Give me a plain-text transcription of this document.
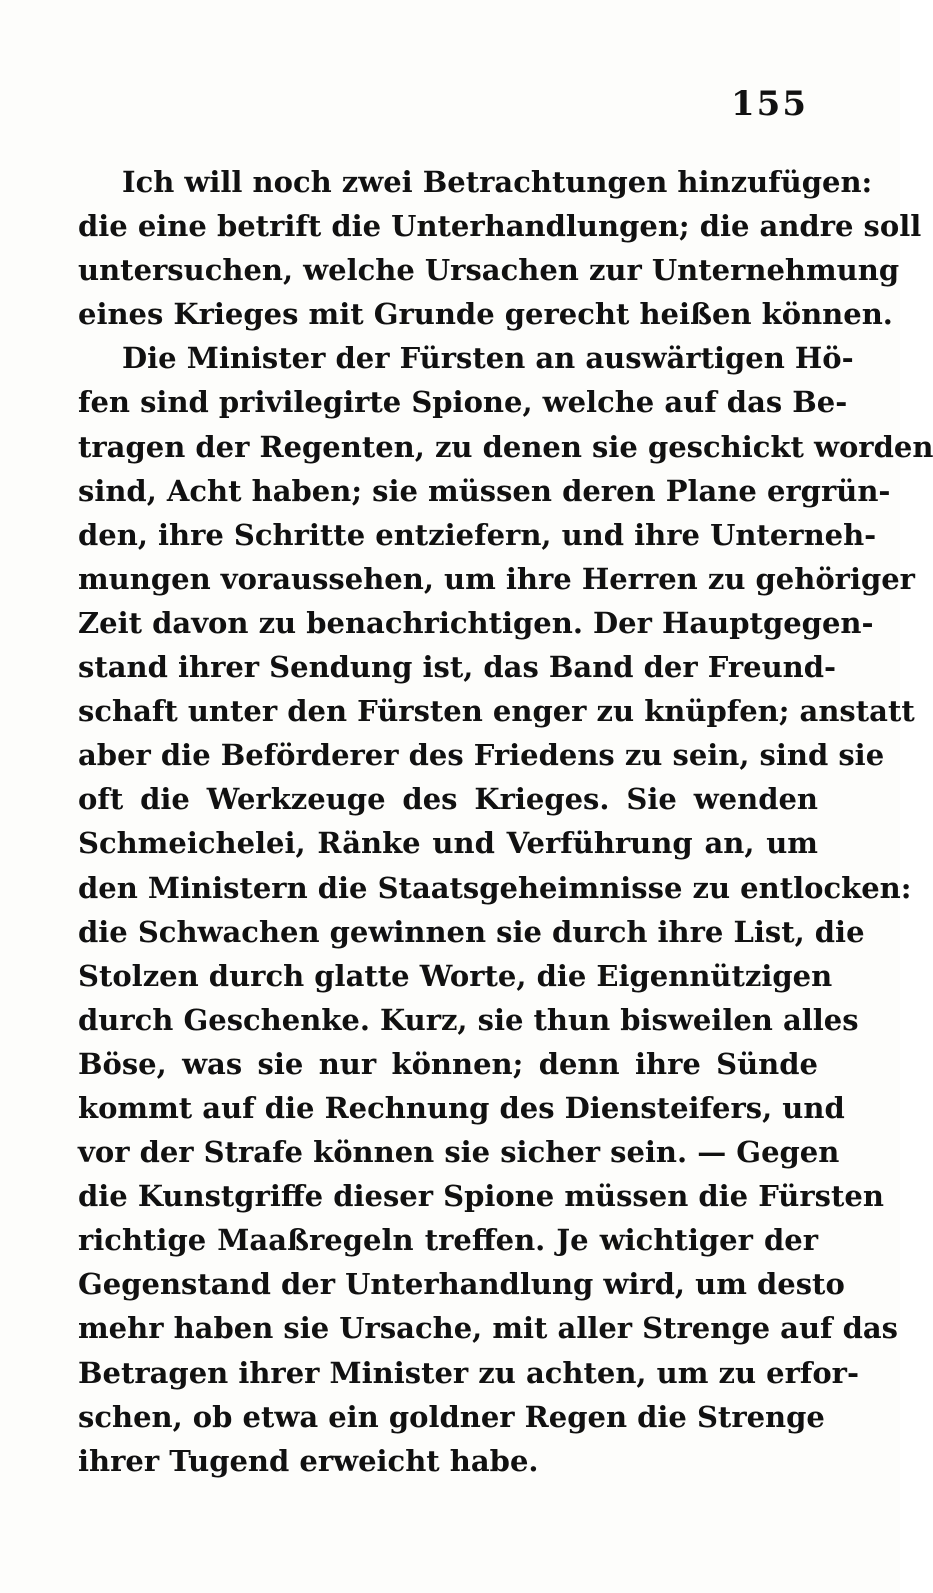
155
Ich will noch zwei Betrachtungen hinzufügen:
die eine betrift die Unterhandlungen; die andre soll
untersuchen, welche Ursachen zur Unternehmung
eines Krieges mit Grunde gerecht heißen können.
Die Minister der Fürsten an auswärtigen Hö-
fen sind privilegirte Spione, welche auf das Be-
tragen der Regenten, zu denen sie geschickt worden
sind, Acht haben; sie müssen deren Plane ergrün-
den, ihre Schritte entziefern, und ihre Unterneh-
mungen voraussehen, um ihre Herren zu gehöriger
Zeit davon zu benachrichtigen. Der Hauptgegen-
stand ihrer Sendung ist, das Band der Freund-
schaft unter den Fürsten enger zu knüpfen; anstatt
aber die Beförderer des Friedens zu sein, sind sie
oft die Werkzeuge des Krieges. Sie wenden
Schmeichelei, Ränke und Verführung an, um
den Ministern die Staatsgeheimnisse zu entlocken:
die Schwachen gewinnen sie durch ihre List, die
Stolzen durch glatte Worte, die Eigennützigen
durch Geschenke. Kurz, sie thun bisweilen alles
Böse, was sie nur können; denn ihre Sünde
kommt auf die Rechnung des Diensteifers, und
vor der Strafe können sie sicher sein. — Gegen
die Kunstgriffe dieser Spione müssen die Fürsten
richtige Maaßregeln treffen. Je wichtiger der
Gegenstand der Unterhandlung wird, um desto
mehr haben sie Ursache, mit aller Strenge auf das
Betragen ihrer Minister zu achten, um zu erfor-
schen, ob etwa ein goldner Regen die Strenge
ihrer Tugend erweicht habe.
